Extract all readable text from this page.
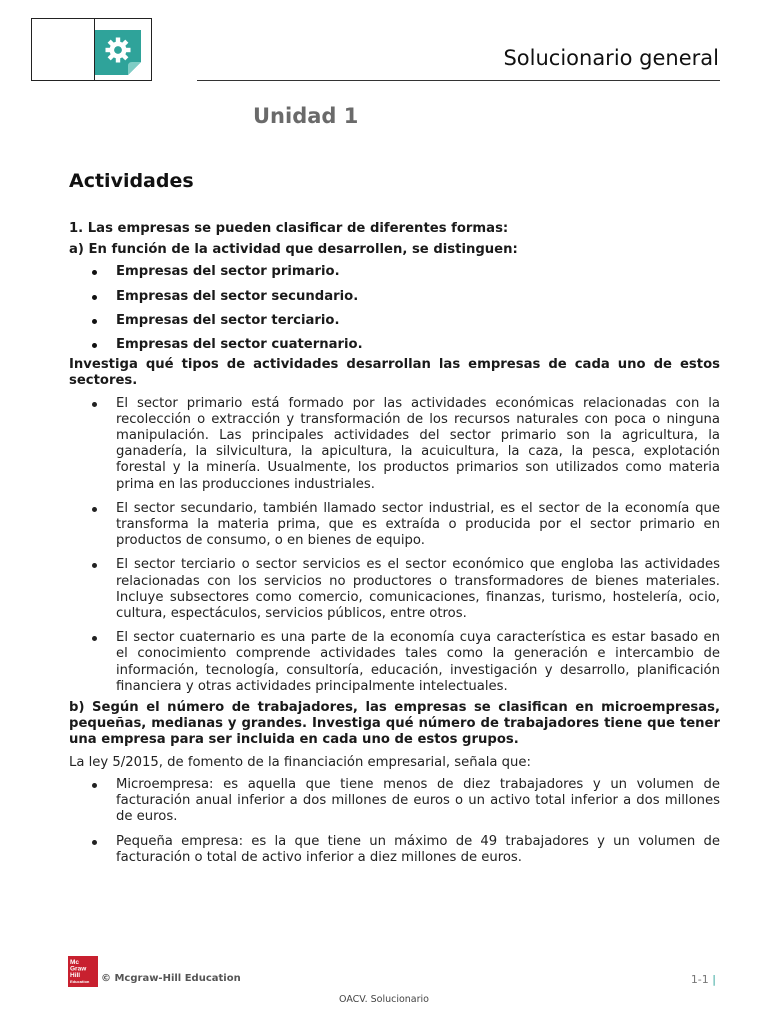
Solucionario general
Unidad 1
Actividades

1. Las empresas se pueden clasificar de diferentes formas:

a) En función de la actividad que desarrollen, se distinguen:

Empresas del sector primario.
Empresas del sector secundario.
Empresas del sector terciario.
Empresas del sector cuaternario.

Investiga qué tipos de actividades desarrollan las empresas de cada uno de estos sectores.

El sector primario está formado por las actividades económicas relacionadas con la recolección o extracción y transformación de los recursos naturales con poca o ninguna manipulación. Las principales actividades del sector primario son la agricultura, la ganadería, la silvicultura, la apicultura, la acuicultura, la caza, la pesca, explotación forestal y la minería. Usualmente, los productos primarios son utilizados como materia prima en las producciones industriales.
El sector secundario, también llamado sector industrial, es el sector de la economía que transforma la materia prima, que es extraída o producida por el sector primario en productos de consumo, o en bienes de equipo.
El sector terciario o sector servicios es el sector económico que engloba las actividades relacionadas con los servicios no productores o transformadores de bienes materiales. Incluye subsectores como comercio, comunicaciones, finanzas, turismo, hostelería, ocio, cultura, espectáculos, servicios públicos, entre otros.
El sector cuaternario es una parte de la economía cuya característica es estar basado en el conocimiento comprende actividades tales como la generación e intercambio de información, tecnología, consultoría, educación, investigación y desarrollo, planificación financiera y otras actividades principalmente intelectuales.

b) Según el número de trabajadores, las empresas se clasifican en microempresas, pequeñas, medianas y grandes. Investiga qué número de trabajadores tiene que tener una empresa para ser incluida en cada uno de estos grupos.

La ley 5/2015, de fomento de la financiación empresarial, señala que:

Microempresa: es aquella que tiene menos de diez trabajadores y un volumen de facturación anual inferior a dos millones de euros o un activo total inferior a dos millones de euros.
Pequeña empresa: es la que tiene un máximo de 49 trabajadores y un volumen de facturación o total de activo inferior a diez millones de euros.
Mc
Graw
Hill
Education © Mcgraw-Hill Education	1-1 |
OACV. Solucionario
